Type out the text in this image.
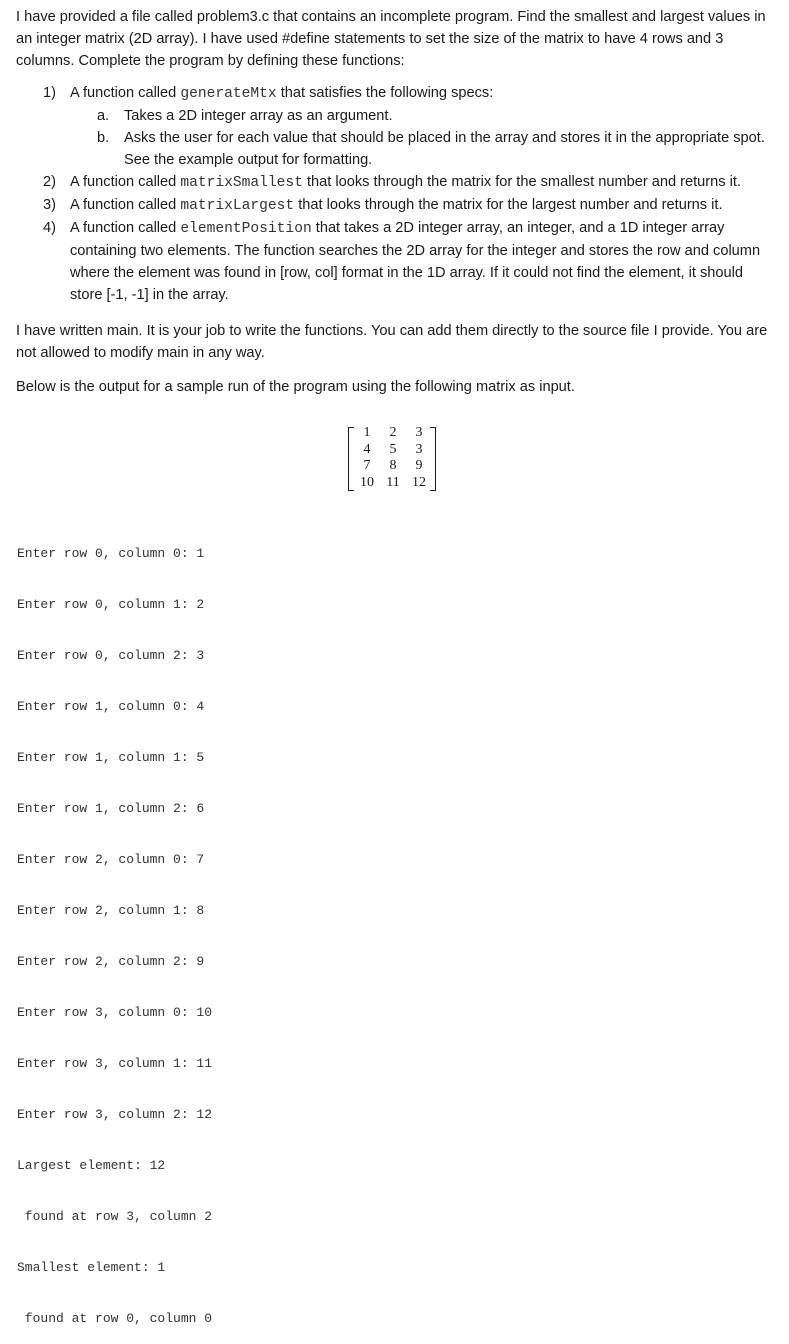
I have provided a file called problem3.c that contains an incomplete program. Find the smallest and largest values in an integer matrix (2D array). I have used #define statements to set the size of the matrix to have 4 rows and 3 columns. Complete the program by defining these functions:

1) A function called generateMtx that satisfies the following specs:
a. Takes a 2D integer array as an argument.
b. Asks the user for each value that should be placed in the array and stores it in the appropriate spot. See the example output for formatting.
2) A function called matrixSmallest that looks through the matrix for the smallest number and returns it.
3) A function called matrixLargest that looks through the matrix for the largest number and returns it.
4) A function called elementPosition that takes a 2D integer array, an integer, and a 1D integer array containing two elements. The function searches the 2D array for the integer and stores the row and column where the element was found in [row, col] format in the 1D array. If it could not find the element, it should store [-1, -1] in the array.

I have written main. It is your job to write the functions. You can add them directly to the source file I provide. You are not allowed to modify main in any way.

Below is the output for a sample run of the program using the following matrix as input.

1	2	3
4	5	3
7	8	9
10 11 12

Enter row 0, column 0: 1

Enter row 0, column 1: 2

Enter row 0, column 2: 3

Enter row 1, column 0: 4

Enter row 1, column 1: 5

Enter row 1, column 2: 6

Enter row 2, column 0: 7

Enter row 2, column 1: 8

Enter row 2, column 2: 9

Enter row 3, column 0: 10

Enter row 3, column 1: 11

Enter row 3, column 2: 12

Largest element: 12

found at row 3, column 2

Smallest element: 1

found at row 0, column 0
